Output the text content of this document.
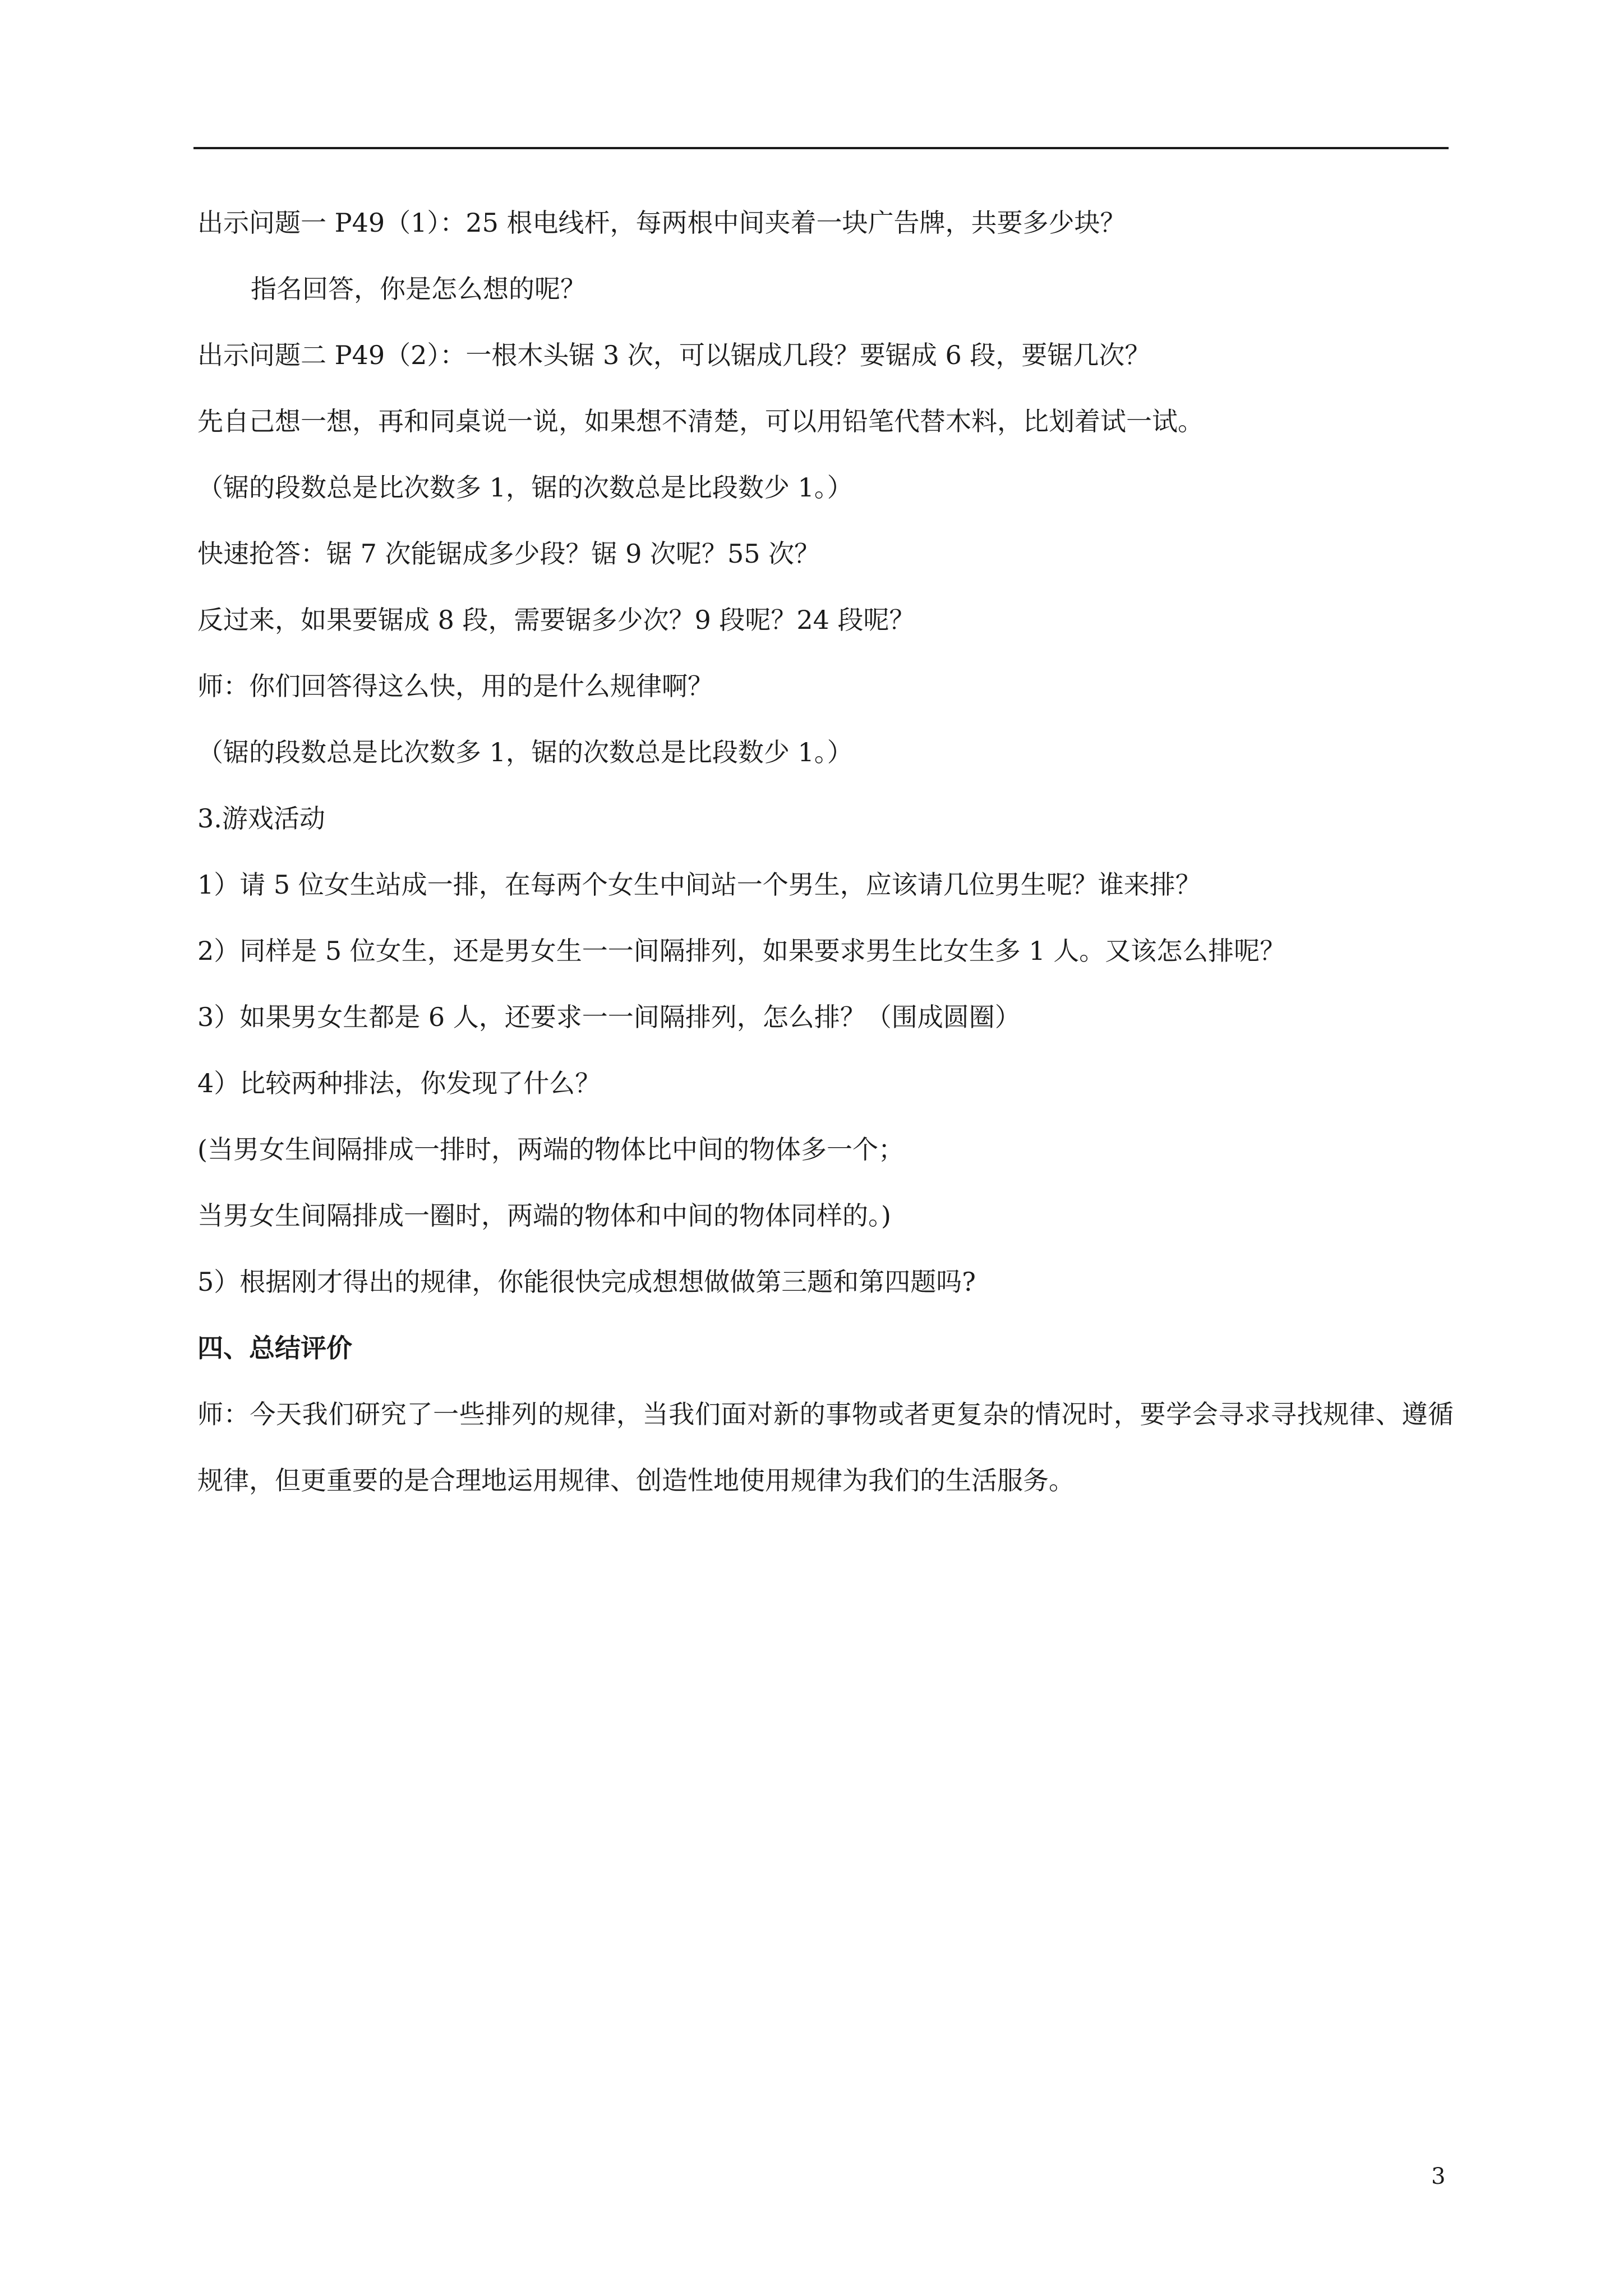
出示问题一 P49（1）：25 根电线杆，每两根中间夹着一块广告牌，共要多少块？
指名回答，你是怎么想的呢？
出示问题二 P49（2）：一根木头锯 3 次，可以锯成几段？要锯成 6 段，要锯几次？
先自己想一想，再和同桌说一说，如果想不清楚，可以用铅笔代替木料，比划着试一试。
（锯的段数总是比次数多 1，锯的次数总是比段数少 1。）
快速抢答：锯 7 次能锯成多少段？锯 9 次呢？55 次？
反过来，如果要锯成 8 段，需要锯多少次？9 段呢？24 段呢？
师：你们回答得这么快，用的是什么规律啊？
（锯的段数总是比次数多 1，锯的次数总是比段数少 1。）
3.游戏活动
1）请 5 位女生站成一排，在每两个女生中间站一个男生，应该请几位男生呢？谁来排？
2）同样是 5 位女生，还是男女生一一间隔排列，如果要求男生比女生多 1 人。又该怎么排呢？
3）如果男女生都是 6 人，还要求一一间隔排列，怎么排？（围成圆圈）
4）比较两种排法，你发现了什么？
(当男女生间隔排成一排时，两端的物体比中间的物体多一个；
当男女生间隔排成一圈时，两端的物体和中间的物体同样的。)
5）根据刚才得出的规律，你能很快完成想想做做第三题和第四题吗?
四、总结评价
师：今天我们研究了一些排列的规律，当我们面对新的事物或者更复杂的情况时，要学会寻求寻找规律、遵循规律，但更重要的是合理地运用规律、创造性地使用规律为我们的生活服务。
3
